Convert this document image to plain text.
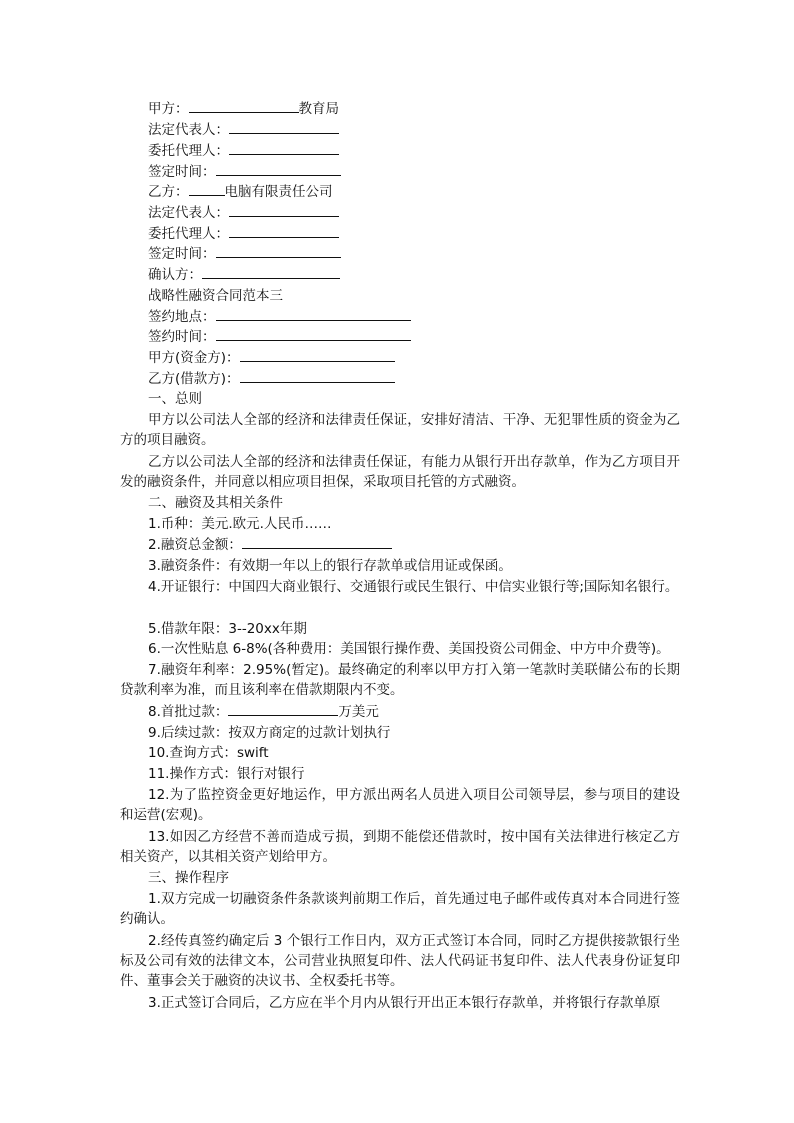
甲方：	教育局
法定代表人：
委托代理人：
签定时间：
乙方：	电脑有限责任公司
法定代表人：
委托代理人：
签定时间：
确认方：
战略性融资合同范本三
签约地点：
签约时间：
甲方(资金方)：
乙方(借款方)：
一、总则
甲方以公司法人全部的经济和法律责任保证，安排好清洁、干净、无犯罪性质的资金为乙方的项目融资。
乙方以公司法人全部的经济和法律责任保证，有能力从银行开出存款单，作为乙方项目开发的融资条件，并同意以相应项目担保，采取项目托管的方式融资。
二、融资及其相关条件
1.币种：美元.欧元.人民币……
2.融资总金额：
3.融资条件：有效期一年以上的银行存款单或信用证或保函。
4.开证银行：中国四大商业银行、交通银行或民生银行、中信实业银行等;国际知名银行。
5.借款年限：3--20xx年期
6.一次性贴息 6-8%(各种费用：美国银行操作费、美国投资公司佣金、中方中介费等)。
7.融资年利率：2.95%(暂定)。最终确定的利率以甲方打入第一笔款时美联储公布的长期贷款利率为准，而且该利率在借款期限内不变。
8.首批过款：	万美元
9.后续过款：按双方商定的过款计划执行
10.查询方式：swift
11.操作方式：银行对银行
12.为了监控资金更好地运作，甲方派出两名人员进入项目公司领导层，参与项目的建设和运营(宏观)。
13.如因乙方经营不善而造成亏损，到期不能偿还借款时，按中国有关法律进行核定乙方相关资产，以其相关资产划给甲方。
三、操作程序
1.双方完成一切融资条件条款谈判前期工作后，首先通过电子邮件或传真对本合同进行签约确认。
2.经传真签约确定后 3 个银行工作日内，双方正式签订本合同，同时乙方提供接款银行坐标及公司有效的法律文本，公司营业执照复印件、法人代码证书复印件、法人代表身份证复印件、董事会关于融资的决议书、全权委托书等。
3.正式签订合同后，乙方应在半个月内从银行开出正本银行存款单，并将银行存款单原
